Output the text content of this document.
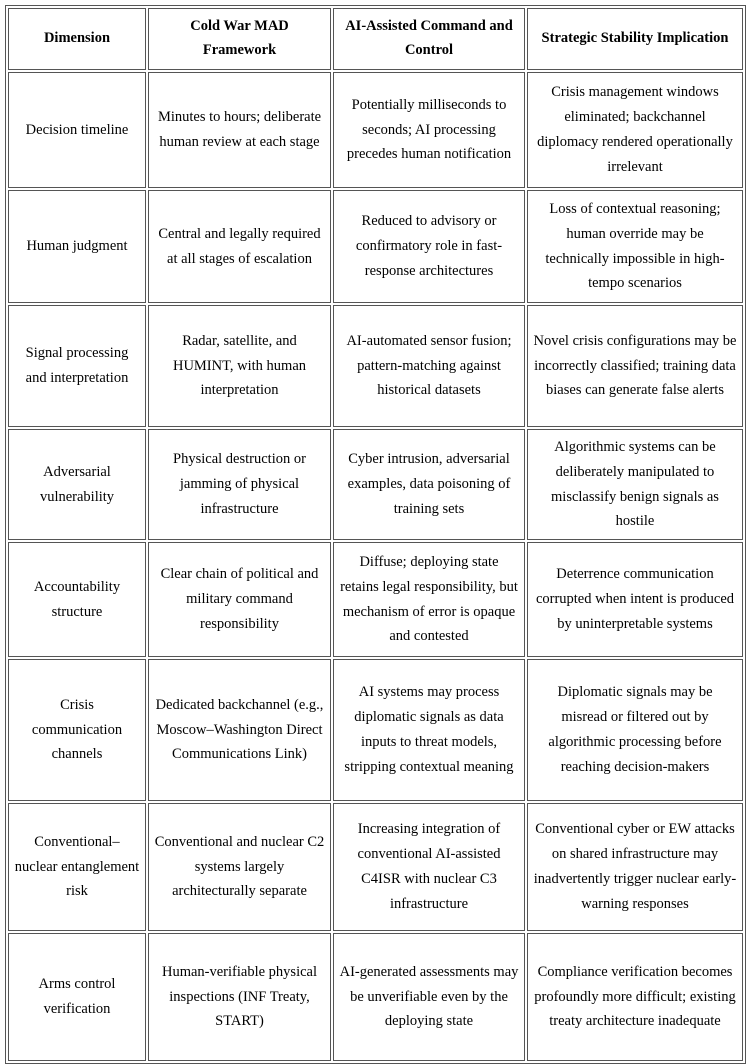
Dimension	Cold War MAD Framework	AI-Assisted Command and Control	Strategic Stability Implication
Decision timeline	Minutes to hours; deliberate human review at each stage	Potentially milliseconds to seconds; AI processing precedes human notification	Crisis management windows eliminated; backchannel diplomacy rendered operationally irrelevant
Human judgment	Central and legally required at all stages of escalation	Reduced to advisory or confirmatory role in fast-response architectures	Loss of contextual reasoning; human override may be technically impossible in high-tempo scenarios
Signal processing and interpretation	Radar, satellite, and HUMINT, with human interpretation	AI-automated sensor fusion; pattern-matching against historical datasets	Novel crisis configurations may be incorrectly classified; training data biases can generate false alerts
Adversarial vulnerability	Physical destruction or jamming of physical infrastructure	Cyber intrusion, adversarial examples, data poisoning of training sets	Algorithmic systems can be deliberately manipulated to misclassify benign signals as hostile
Accountability structure	Clear chain of political and military command responsibility	Diffuse; deploying state retains legal responsibility, but mechanism of error is opaque and contested	Deterrence communication corrupted when intent is produced by uninterpretable systems
Crisis communication channels	Dedicated backchannel (e.g., Moscow–Washington Direct Communications Link)	AI systems may process diplomatic signals as data inputs to threat models, stripping contextual meaning	Diplomatic signals may be misread or filtered out by algorithmic processing before reaching decision-makers
Conventional–nuclear entanglement risk	Conventional and nuclear C2 systems largely architecturally separate	Increasing integration of conventional AI-assisted C4ISR with nuclear C3 infrastructure	Conventional cyber or EW attacks on shared infrastructure may inadvertently trigger nuclear early-warning responses
Arms control verification	Human-verifiable physical inspections (INF Treaty, START)	AI-generated assessments may be unverifiable even by the deploying state	Compliance verification becomes profoundly more difficult; existing treaty architecture inadequate
